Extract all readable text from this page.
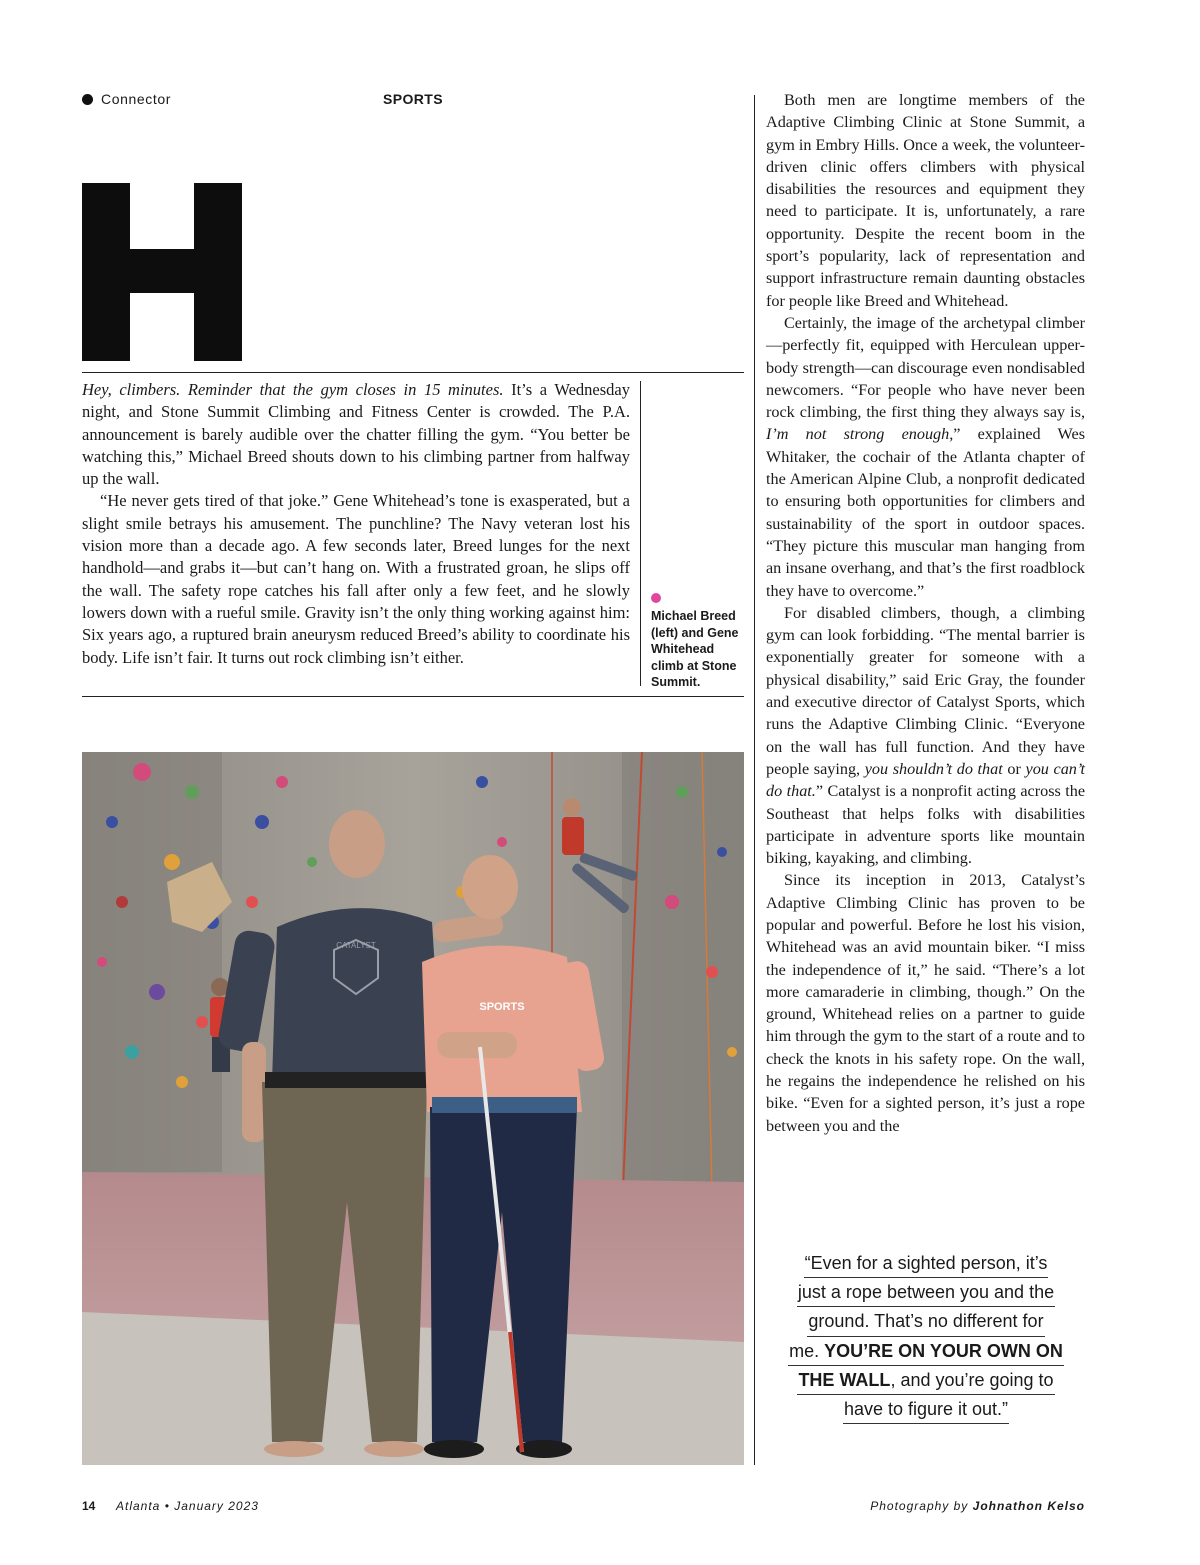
Connector	SPORTS

Hey, climbers. Reminder that the gym closes in 15 minutes. It’s a Wednesday night, and Stone Summit Climbing and Fitness Center is crowded. The P.A. announcement is barely audible over the chatter filling the gym. “You better be watching this,” Michael Breed shouts down to his climbing partner from halfway up the wall.

“He never gets tired of that joke.” Gene Whitehead’s tone is exasperated, but a slight smile betrays his amusement. The punchline? The Navy veteran lost his vision more than a decade ago. A few seconds later, Breed lunges for the next handhold—and grabs it—but can’t hang on. With a frustrated groan, he slips off the wall. The safety rope catches his fall after only a few feet, and he slowly lowers down with a rueful smile. Gravity isn’t the only thing working against him: Six years ago, a ruptured brain aneurysm reduced Breed’s ability to coordinate his body. Life isn’t fair. It turns out rock climbing isn’t either.

Michael Breed (left) and Gene Whitehead climb at Stone Summit.
CATALYST
SPORTS

Both men are longtime members of the Adaptive Climbing Clinic at Stone Summit, a gym in Embry Hills. Once a week, the volunteer-driven clinic offers climbers with physical disabilities the resources and equipment they need to participate. It is, unfortunately, a rare opportunity. Despite the recent boom in the sport’s popularity, lack of representation and support infrastructure remain daunting obstacles for people like Breed and Whitehead.

Certainly, the image of the archetypal climber—perfectly fit, equipped with Herculean upper-body strength—can discourage even nondisabled newcomers. “For people who have never been rock climbing, the first thing they always say is, I’m not strong enough,” explained Wes Whitaker, the cochair of the Atlanta chapter of the American Alpine Club, a nonprofit dedicated to ensuring both opportunities for climbers and sustainability of the sport in outdoor spaces. “They picture this muscular man hanging from an insane overhang, and that’s the first roadblock they have to overcome.”

For disabled climbers, though, a climbing gym can look forbidding. “The mental barrier is exponentially greater for someone with a physical disability,” said Eric Gray, the founder and executive director of Catalyst Sports, which runs the Adaptive Climbing Clinic. “Everyone on the wall has full function. And they have people saying, you shouldn’t do that or you can’t do that.” Catalyst is a nonprofit acting across the Southeast that helps folks with disabilities participate in adventure sports like mountain biking, kayaking, and climbing.

Since its inception in 2013, Catalyst’s Adaptive Climbing Clinic has proven to be popular and powerful. Before he lost his vision, Whitehead was an avid mountain biker. “I miss the independence of it,” he said. “There’s a lot more camaraderie in climbing, though.” On the ground, Whitehead relies on a partner to guide him through the gym to the start of a route and to check the knots in his safety rope. On the wall, he regains the independence he relished on his bike. “Even for a sighted person, it’s just a rope between you and the

“Even for a sighted person, it’s
just a rope between you and the
ground. That’s no different for
me. YOU’RE ON YOUR OWN ON
THE WALL, and you’re going to
have to figure it out.”
14 Atlanta • January 2023	Photography by Johnathon Kelso
